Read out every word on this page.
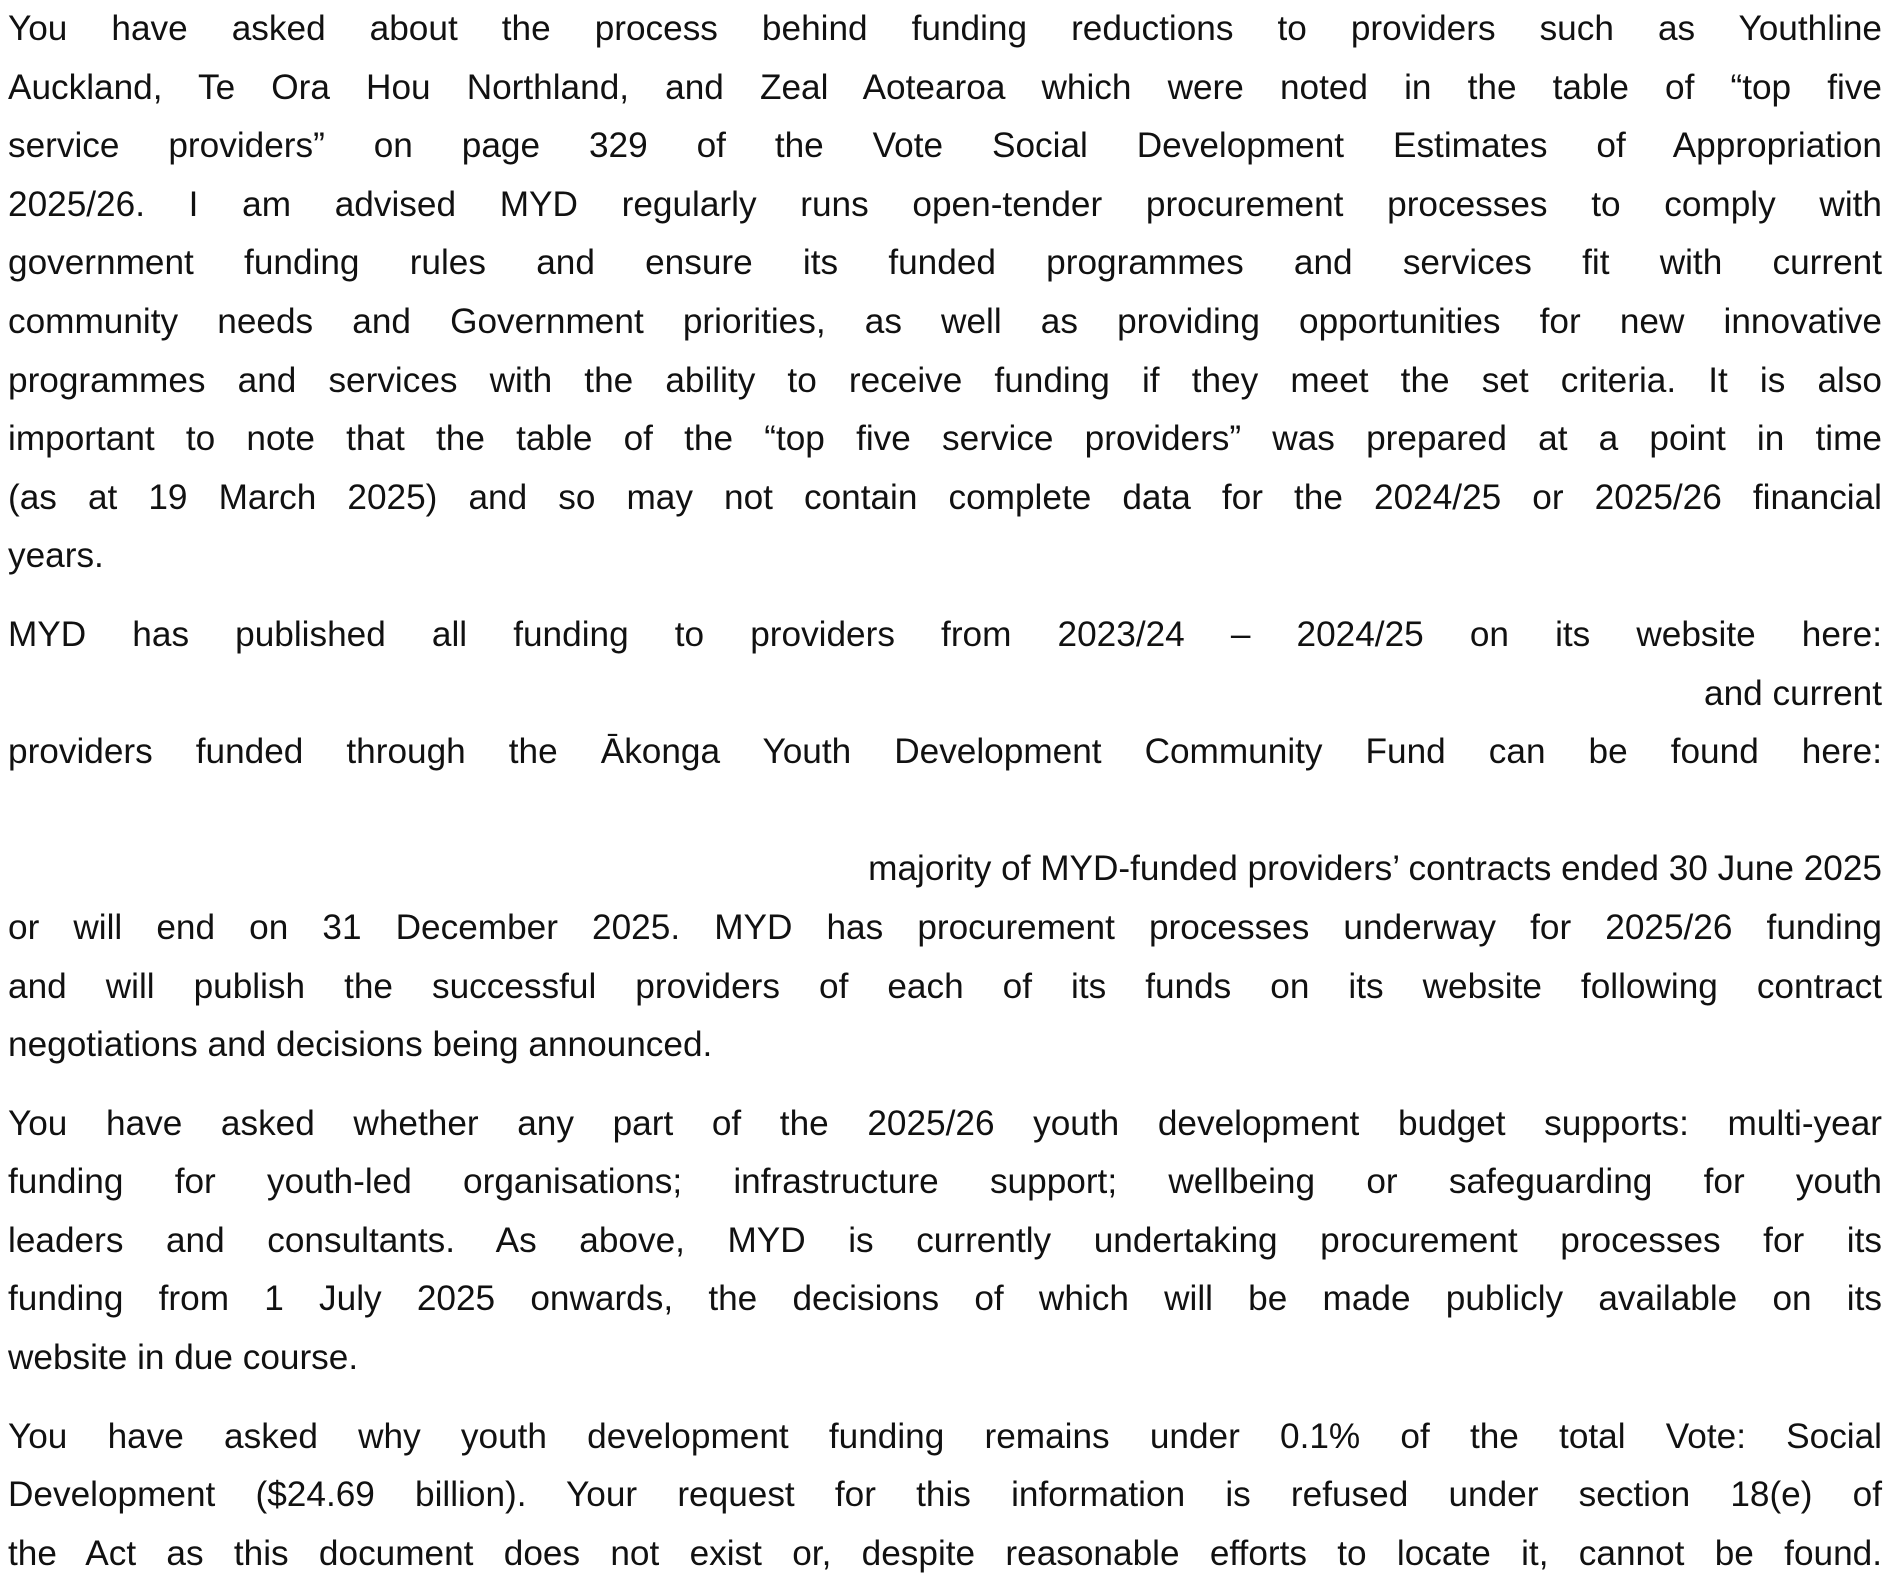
You have asked about the process behind funding reductions to providers such as Youthline
Auckland, Te Ora Hou Northland, and Zeal Aotearoa which were noted in the table of “top five
service providers” on page 329 of the Vote Social Development Estimates of Appropriation
2025/26. I am advised MYD regularly runs open-tender procurement processes to comply with
government funding rules and ensure its funded programmes and services fit with current
community needs and Government priorities, as well as providing opportunities for new innovative
programmes and services with the ability to receive funding if they meet the set criteria. It is also
important to note that the table of the “top five service providers” was prepared at a point in time
(as at 19 March 2025) and so may not contain complete data for the 2024/25 or 2025/26 financial
years.

MYD has published all funding to providers from 2023/24 – 2024/25 on its website here:
and current
providers funded through the Ākonga Youth Development Community Fund can be found here:
majority of MYD-funded providers’ contracts ended 30 June 2025
or will end on 31 December 2025. MYD has procurement processes underway for 2025/26 funding
and will publish the successful providers of each of its funds on its website following contract
negotiations and decisions being announced.

You have asked whether any part of the 2025/26 youth development budget supports: multi-year
funding for youth-led organisations; infrastructure support; wellbeing or safeguarding for youth
leaders and consultants. As above, MYD is currently undertaking procurement processes for its
funding from 1 July 2025 onwards, the decisions of which will be made publicly available on its
website in due course.

You have asked why youth development funding remains under 0.1% of the total Vote: Social
Development ($24.69 billion). Your request for this information is refused under section 18(e) of
the Act as this document does not exist or, despite reasonable efforts to locate it, cannot be found.
